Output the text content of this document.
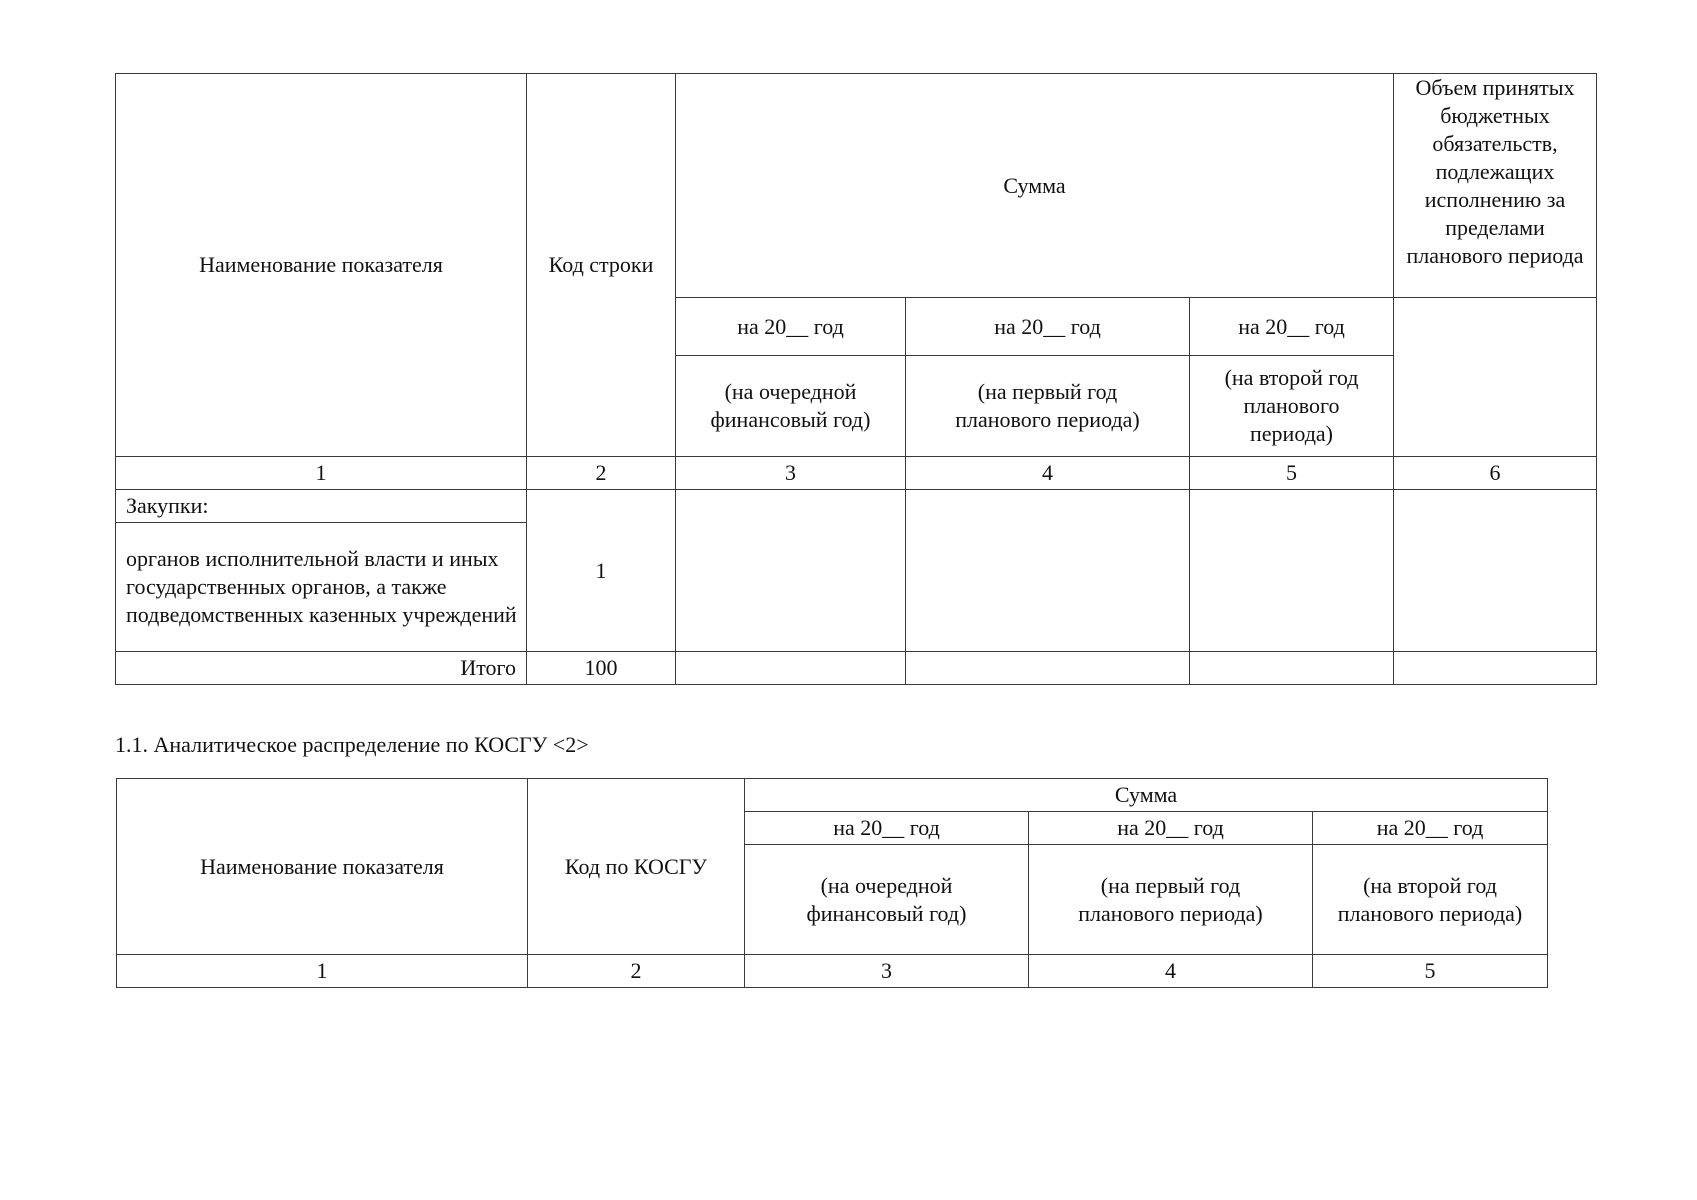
Наименование показателя	Код строки	Сумма			Объем принятых бюджетных обязательств, подлежащих исполнению за пределами планового периода
		на 20__ год	на 20__ год	на 20__ год	
		(на очередной финансовый год)	(на первый год планового периода)	(на второй год планового периода)	
1	2	3	4	5	6
Закупки:	1				
органов исполнительной власти и иных государственных органов, а также подведомственных казенных учреждений					
Итого	100				

1.1. Аналитическое распределение по КОСГУ <2>

Наименование показателя	Код по КОСГУ	Сумма		
		на 20__ год	на 20__ год	на 20__ год
		(на очередной финансовый год)	(на первый год планового периода)	(на второй год планового периода)
1	2	3	4	5
